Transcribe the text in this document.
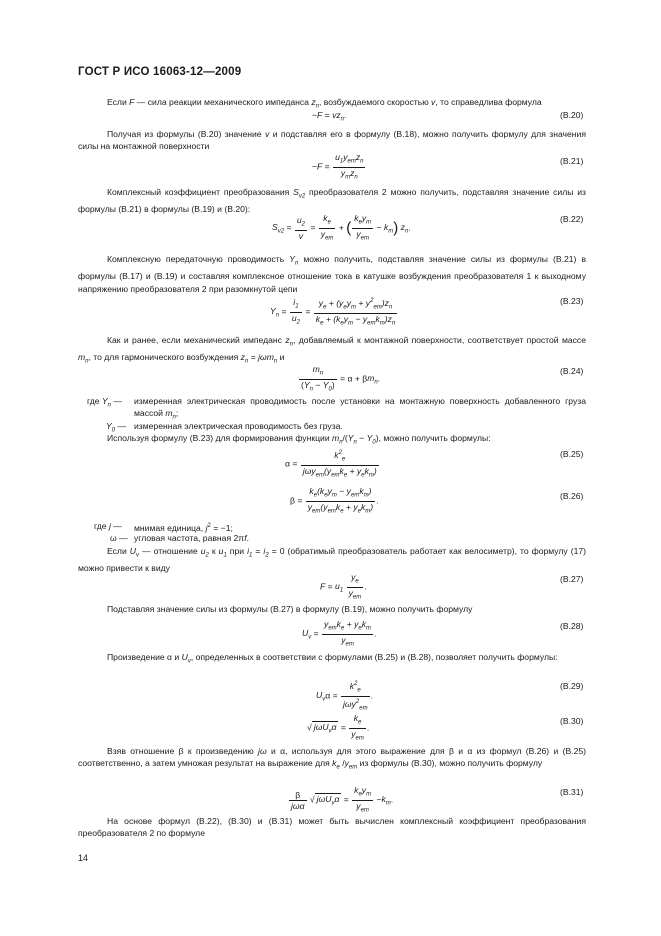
ГОСТ Р ИСО 16063-12—2009
Если F — сила реакции механического импеданса $z_n$, возбуждаемого скоростью v, то справедлива формула
$-F = vz_n$.	(B.20)
Получая из формулы (B.20) значение v и подставляя его в формулу (B.18), можно получить формулу для значения силы на монтажной поверхности
$-F = \frac{u_1y_{em}z_n}{y_mz_n}$	(B.21)
Комплексный коэффициент преобразования $S_{v2}$ преобразователя 2 можно получить, подставляя значение силы из формулы (B.21) в формулы (B.19) и (B.20):
$S_{v2} = \frac{u_2}{v} = \frac{k_e}{y_{em}}$ + ( $\frac{k_ey_m}{y_{em}} - k_m$) $z_n$.
(B.22)
Комплексную передаточную проводимость $Y_n$ можно получить, подставляя значение силы из формулы (B.21) в формулы (B.17) и (B.19) и составляя комплексное отношение тока в катушке возбуждения преобразователя 1 к выходному напряжению преобразователя 2 при разомкнутой цепи
$Y_n = \frac{i_1}{u_2} = \frac{y_e + (y_ey_m + y^2_{em})z_n}{k_e + (k_ey_m - y_{em}k_m)z_n}$	(B.23)
Как и ранее, если механический импеданс $z_n$, добавляемый к монтажной поверхности, соответствует простой массе $m_n$, то для гармонического возбуждения $z_n = j\omega m_n$ и
$\frac{m_n}{(Y_n - Y_0)} = \alpha + \beta m_n$.
(B.24)
где $Y_n$ — измеренная электрическая проводимость после установки на монтажную поверхность добавленного груза массой $m_n$;
$Y_0$ — измеренная электрическая проводимость без груза.
Используя формулу (B.23) для формирования функции $m_n/(Y_n - Y_0)$, можно получить формулы:
$\alpha = \frac{k^2_e}{j\omega y_{em}(y_{em}k_e + y_ek_m)}$	(B.25)
$\beta = \frac{k_e(k_ey_m - y_{em}k_m)}{y_{em}(y_{em}k_e + y_ek_m)}$ .	(B.26)
где j — мнимая единица, $j^2 = -1$;
ω — угловая частота, равная 2πf.
Если $U_v$ — отношение $u_2$ к $u_1$ при $i_1 = i_2 = 0$ (обратимый преобразователь работает как велосиметр), то формулу (17) можно привести к виду
$F = u_1 \frac{y_e}{y_{em}}$ .
(B.27)
Подставляя значение силы из формулы (B.27) в формулу (B.19), можно получить формулу
$U_v = \frac{y_{em}k_e + y_ek_m}{y_{em}}$ .
(B.28)
Произведение α и $U_v$, определенных в соответствии с формулами (B.25) и (B.28), позволяет получить формулы:
$U_v\alpha = \frac{k^2_e}{j\omega y^2_{em}}$ .
(B.29)
√ $j\omega U_v\alpha = \frac{k_e}{y_{em}}$ .
(B.30)
Взяв отношение β к произведению jω и α, используя для этого выражение для β и α из формул (B.26) и (B.25) соответственно, а затем умножая результат на выражение для $k_e$ $/y_{em}$ из формулы (B.30), можно получить формулу
$\frac{\beta}{\text{jωα}}$ √ $j\omega U_v\alpha = \frac{k_ey_m}{y_{em}} -k_m$.
(B.31)
На основе формул (B.22), (B.30) и (B.31) может быть вычислен комплексный коэффициент преобразования преобразователя 2 по формуле
14
